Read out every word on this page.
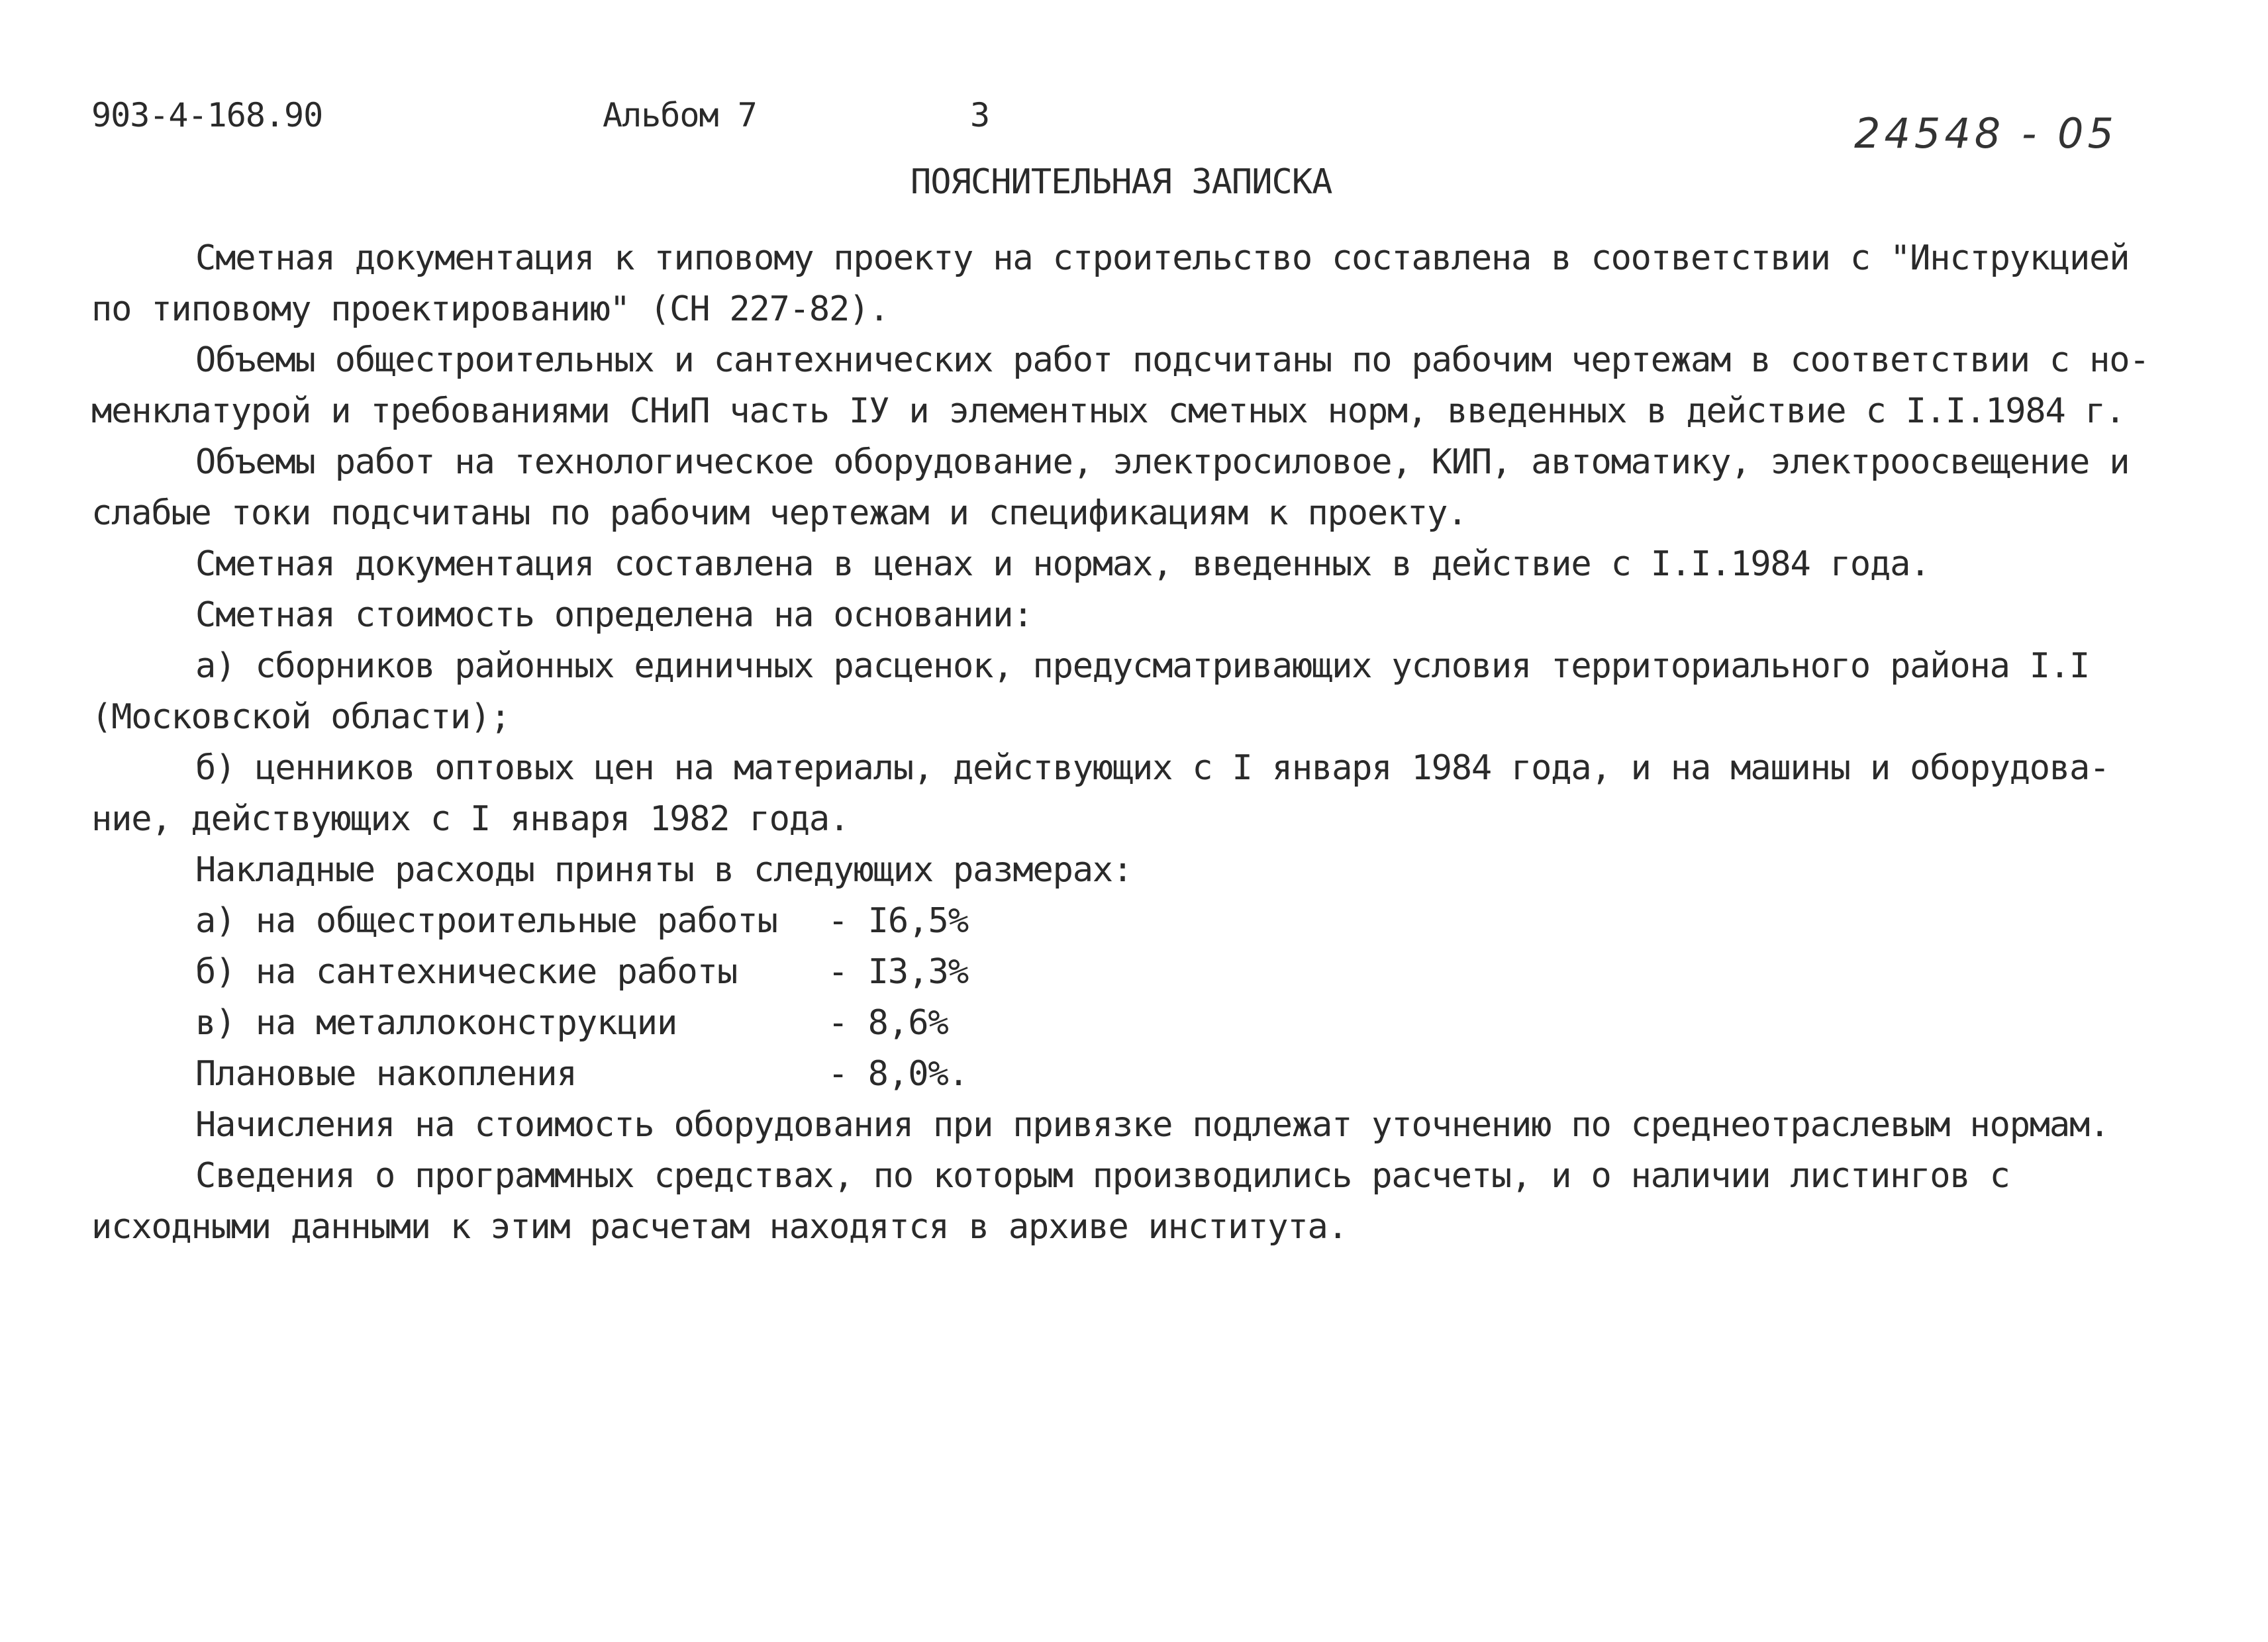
903-4-168.90	Альбом 7	3	24548 - 05
ПОЯСНИТЕЛЬНАЯ ЗАПИСКА
Сметная документация к типовому проекту на строительство составлена в соответствии с "Инструкцией
по типовому проектированию" (СН 227-82).
Объемы общестроительных и сантехнических работ подсчитаны по рабочим чертежам в соответствии с но-
менклатурой и требованиями СНиП часть IУ и элементных сметных норм, введенных в действие с I.I.1984 г.
Объемы работ на технологическое оборудование, электросиловое, КИП, автоматику, электроосвещение и
слабые токи подсчитаны по рабочим чертежам и спецификациям к проекту.
Сметная документация составлена в ценах и нормах, введенных в действие с I.I.1984 года.
Сметная стоимость определена на основании:
а) сборников районных единичных расценок, предусматривающих условия территориального района I.I
(Московской области);
б) ценников оптовых цен на материалы, действующих с I января 1984 года, и на машины и оборудова-
ние, действующих с I января 1982 года.
Накладные расходы приняты в следующих размерах:
а) на общестроительные работы - I6,5%
б) на сантехнические работы	- I3,3%
в) на металлоконструкции	- 8,6%
Плановые накопления	- 8,0%.
Начисления на стоимость оборудования при привязке подлежат уточнению по среднеотраслевым нормам.
Сведения о программных средствах, по которым производились расчеты, и о наличии листингов с
исходными данными к этим расчетам находятся в архиве института.
